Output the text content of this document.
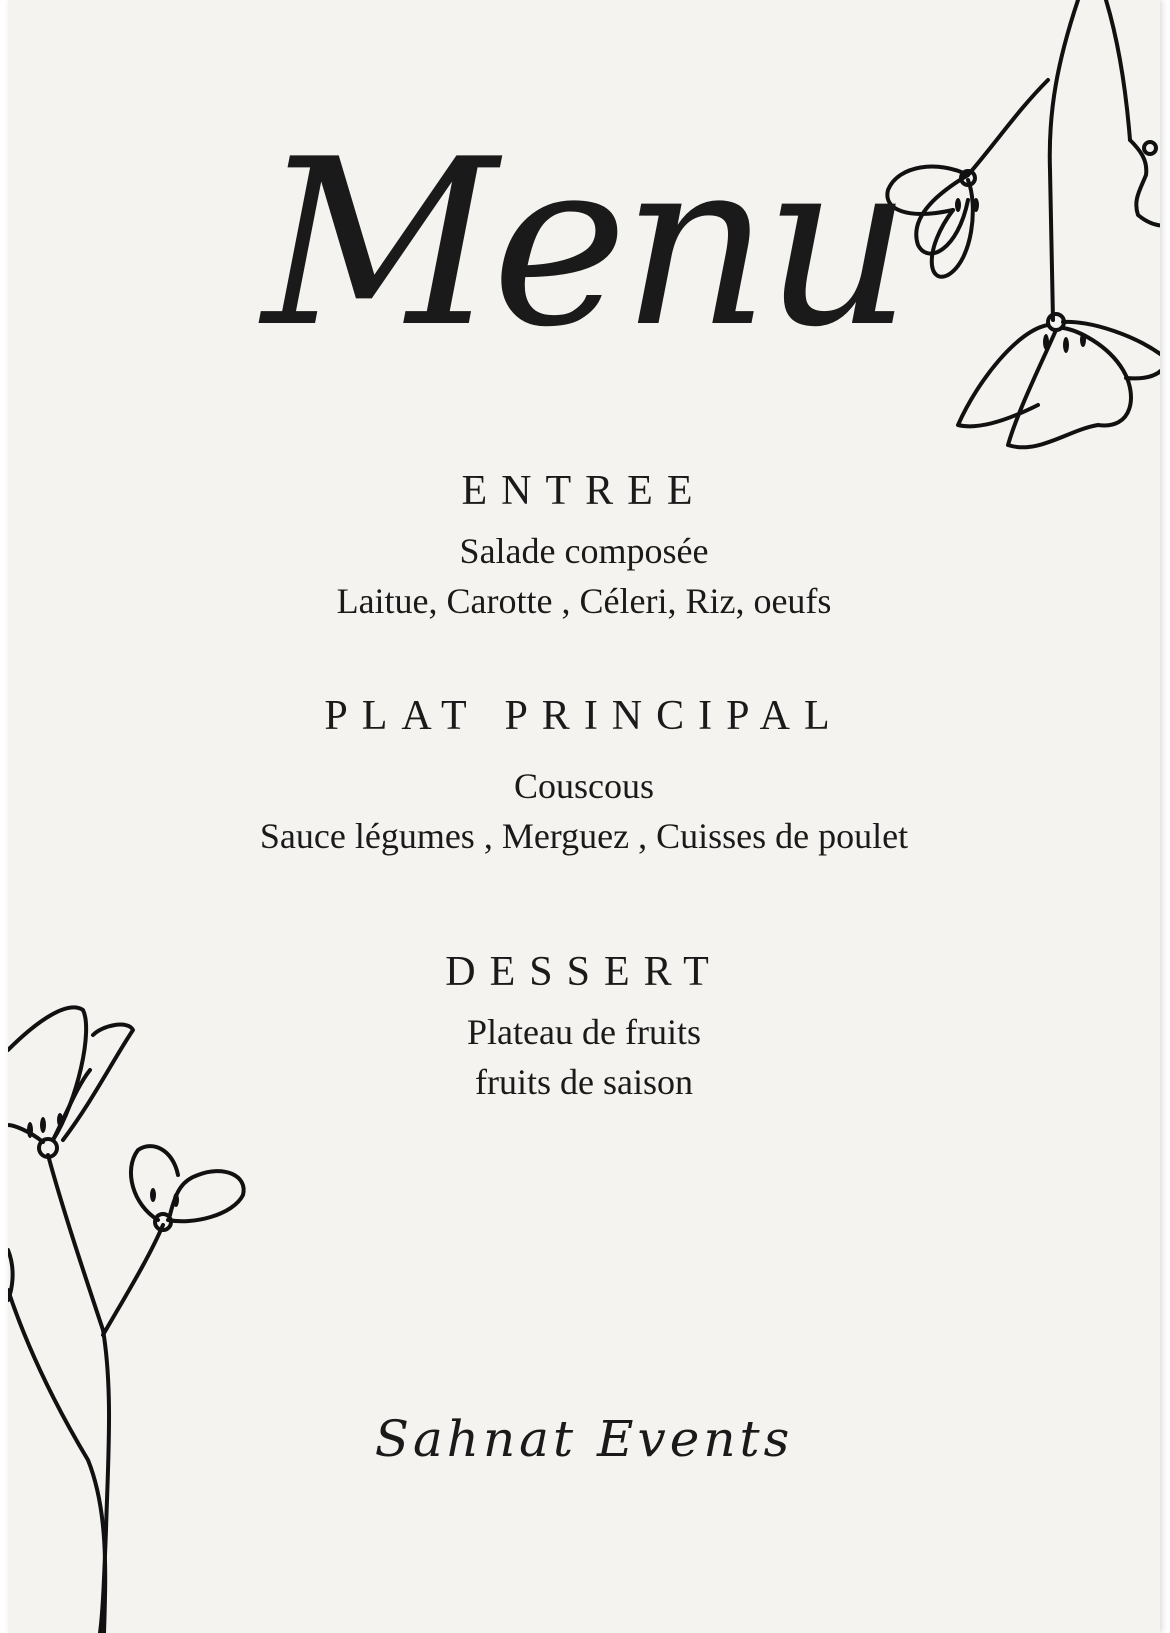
Menu
ENTREE
Salade composée
Laitue, Carotte , Céleri, Riz, oeufs
PLAT PRINCIPAL
Couscous
Sauce légumes , Merguez , Cuisses de poulet
DESSERT
Plateau de fruits
fruits de saison
Sahnat Events
